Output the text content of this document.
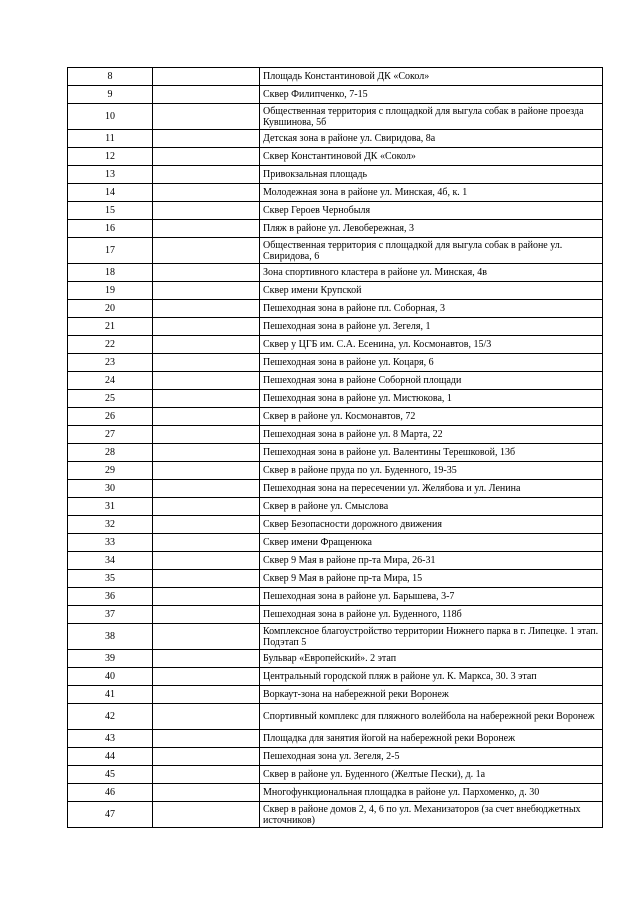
8		Площадь Константиновой ДК «Сокол»
9		Сквер Филипченко, 7-15
10		Общественная территория с площадкой для выгула собак в районе проезда Кувшинова, 5б
11		Детская зона в районе ул. Свиридова, 8а
12		Сквер Константиновой ДК «Сокол»
13		Привокзальная площадь
14		Молодежная зона в районе ул. Минская, 4б, к. 1
15		Сквер Героев Чернобыля
16		Пляж в районе ул. Левобережная, 3
17		Общественная территория с площадкой для выгула собак в районе ул. Свиридова, 6
18		Зона спортивного кластера в районе ул. Минская, 4в
19		Сквер имени Крупской
20		Пешеходная зона в районе пл. Соборная, 3
21		Пешеходная зона в районе ул. Зегеля, 1
22		Сквер у ЦГБ им. С.А. Есенина, ул. Космонавтов, 15/3
23		Пешеходная зона в районе ул. Коцаря, 6
24		Пешеходная зона в районе Соборной площади
25		Пешеходная зона в районе ул. Мистюкова, 1
26		Сквер в районе ул. Космонавтов, 72
27		Пешеходная зона в районе ул. 8 Марта, 22
28		Пешеходная зона в районе ул. Валентины Терешковой, 13б
29		Сквер в районе пруда по ул. Буденного, 19-35
30		Пешеходная зона на пересечении ул. Желябова и ул. Ленина
31		Сквер в районе ул. Смыслова
32		Сквер Безопасности дорожного движения
33		Сквер имени Фращенюка
34		Сквер 9 Мая в районе пр-та Мира, 26-31
35		Сквер 9 Мая в районе пр-та Мира, 15
36		Пешеходная зона в районе ул. Барышева, 3-7
37		Пешеходная зона в районе ул. Буденного, 118б
38		Комплексное благоустройство территории Нижнего парка в г. Липецке. 1 этап. Подэтап 5
39		Бульвар «Европейский». 2 этап
40		Центральный городской пляж в районе ул. К. Маркса, 30. 3 этап
41		Воркаут-зона на набережной реки Воронеж
42		Спортивный комплекс для пляжного волейбола на набережной реки Воронеж
43		Площадка для занятия йогой на набережной реки Воронеж
44		Пешеходная зона ул. Зегеля, 2-5
45		Сквер в районе ул. Буденного (Желтые Пески), д. 1а
46		Многофункциональная площадка в районе ул. Пархоменко, д. 30
47		Сквер в районе домов 2, 4, 6 по ул. Механизаторов (за счет внебюджетных источников)
